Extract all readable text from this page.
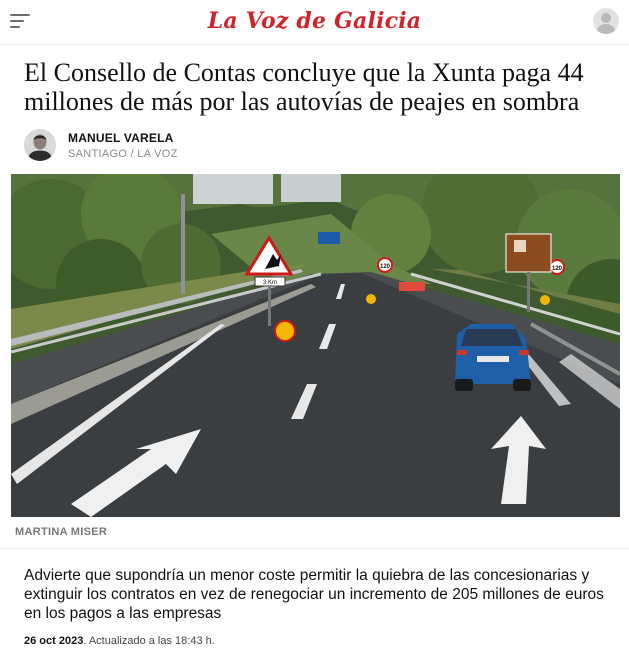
La Voz de Galicia
El Consello de Contas concluye que la Xunta paga 44 millones de más por las autovías de peajes en sombra
MANUEL VARELA
SANTIAGO / LA VOZ
3 Km
120	120
MARTINA MISER

Advierte que supondría un menor coste permitir la quiebra de las concesionarias y extinguir los contratos en vez de renegociar un incremento de 205 millones de euros en los pagos a las empresas

26 oct 2023. Actualizado a las 18:43 h.
